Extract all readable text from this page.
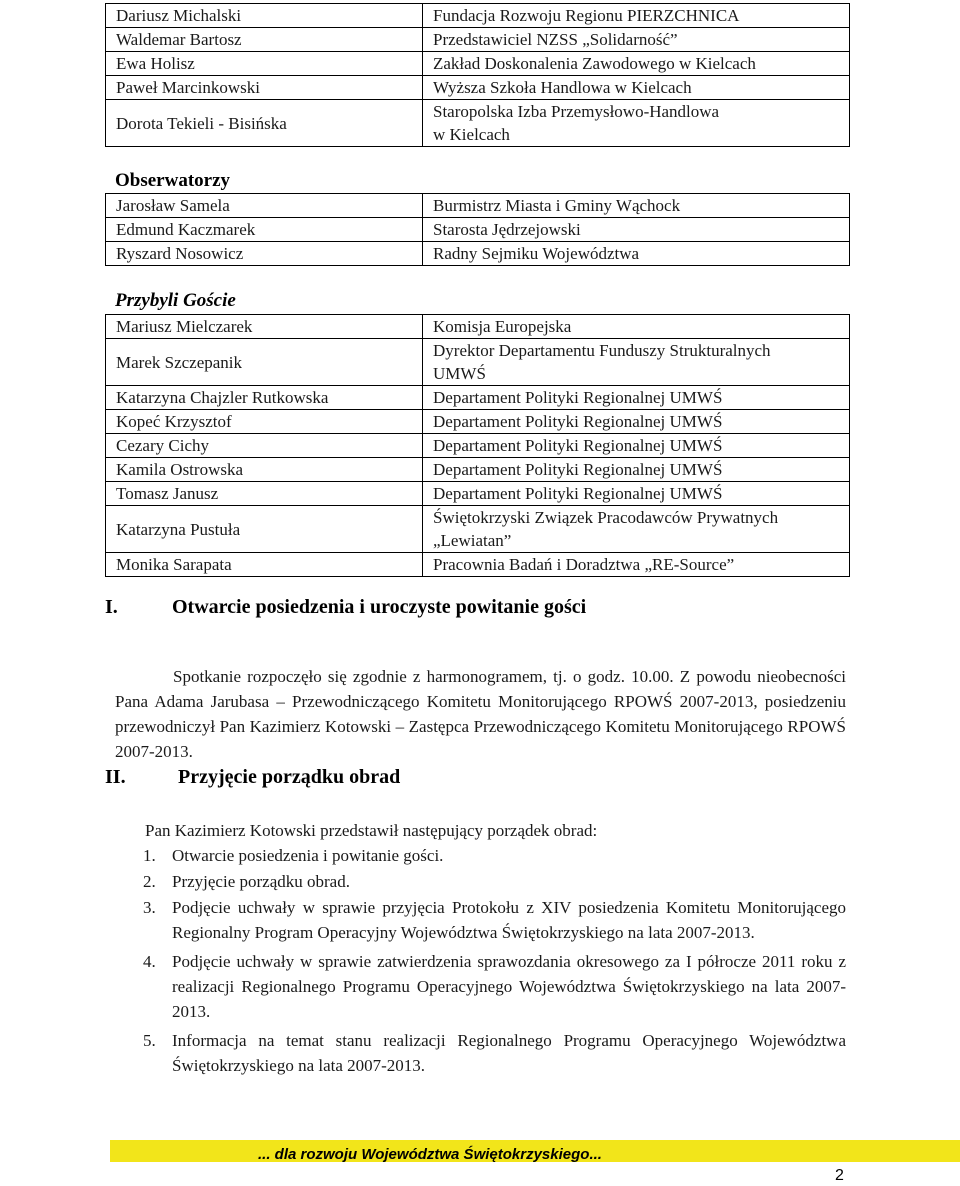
Dariusz Michalski	Fundacja Rozwoju Regionu PIERZCHNICA
Waldemar Bartosz	Przedstawiciel NZSS „Solidarność”
Ewa Holisz	Zakład Doskonalenia Zawodowego w Kielcach
Paweł Marcinkowski	Wyższa Szkoła Handlowa w Kielcach
Dorota Tekieli - Bisińska	Staropolska Izba Przemysłowo-Handlowa
w Kielcach
Obserwatorzy
Jarosław Samela	Burmistrz Miasta i Gminy Wąchock
Edmund Kaczmarek	Starosta Jędrzejowski
Ryszard Nosowicz	Radny Sejmiku Województwa
Przybyli Goście
Mariusz Mielczarek	Komisja Europejska
Marek Szczepanik	Dyrektor Departamentu Funduszy Strukturalnych
UMWŚ
Katarzyna Chajzler Rutkowska	Departament Polityki Regionalnej UMWŚ
Kopeć Krzysztof	Departament Polityki Regionalnej UMWŚ
Cezary Cichy	Departament Polityki Regionalnej UMWŚ
Kamila Ostrowska	Departament Polityki Regionalnej UMWŚ
Tomasz Janusz	Departament Polityki Regionalnej UMWŚ
Katarzyna Pustuła	Świętokrzyski Związek Pracodawców Prywatnych
„Lewiatan”
Monika Sarapata	Pracownia Badań i Doradztwa „RE-Source”
I.	Otwarcie posiedzenia i uroczyste powitanie gości

Spotkanie rozpoczęło się zgodnie z harmonogramem, tj. o godz. 10.00. Z powodu nieobecności Pana Adama Jarubasa – Przewodniczącego Komitetu Monitorującego RPOWŚ 2007-2013, posiedzeniu przewodniczył Pan Kazimierz Kotowski – Zastępca Przewodniczącego Komitetu Monitorującego RPOWŚ 2007-2013.

II.	Przyjęcie porządku obrad
Pan Kazimierz Kotowski przedstawił następujący porządek obrad:
1. Otwarcie posiedzenia i powitanie gości.
2. Przyjęcie porządku obrad.
3. Podjęcie uchwały w sprawie przyjęcia Protokołu z XIV posiedzenia Komitetu Monitorującego Regionalny Program Operacyjny Województwa Świętokrzyskiego na lata 2007-2013.
4. Podjęcie uchwały w sprawie zatwierdzenia sprawozdania okresowego za I półrocze 2011 roku z realizacji Regionalnego Programu Operacyjnego Województwa Świętokrzyskiego na lata 2007-2013.
5. Informacja na temat stanu realizacji Regionalnego Programu Operacyjnego Województwa Świętokrzyskiego na lata 2007-2013.
... dla rozwoju Województwa Świętokrzyskiego...
2
